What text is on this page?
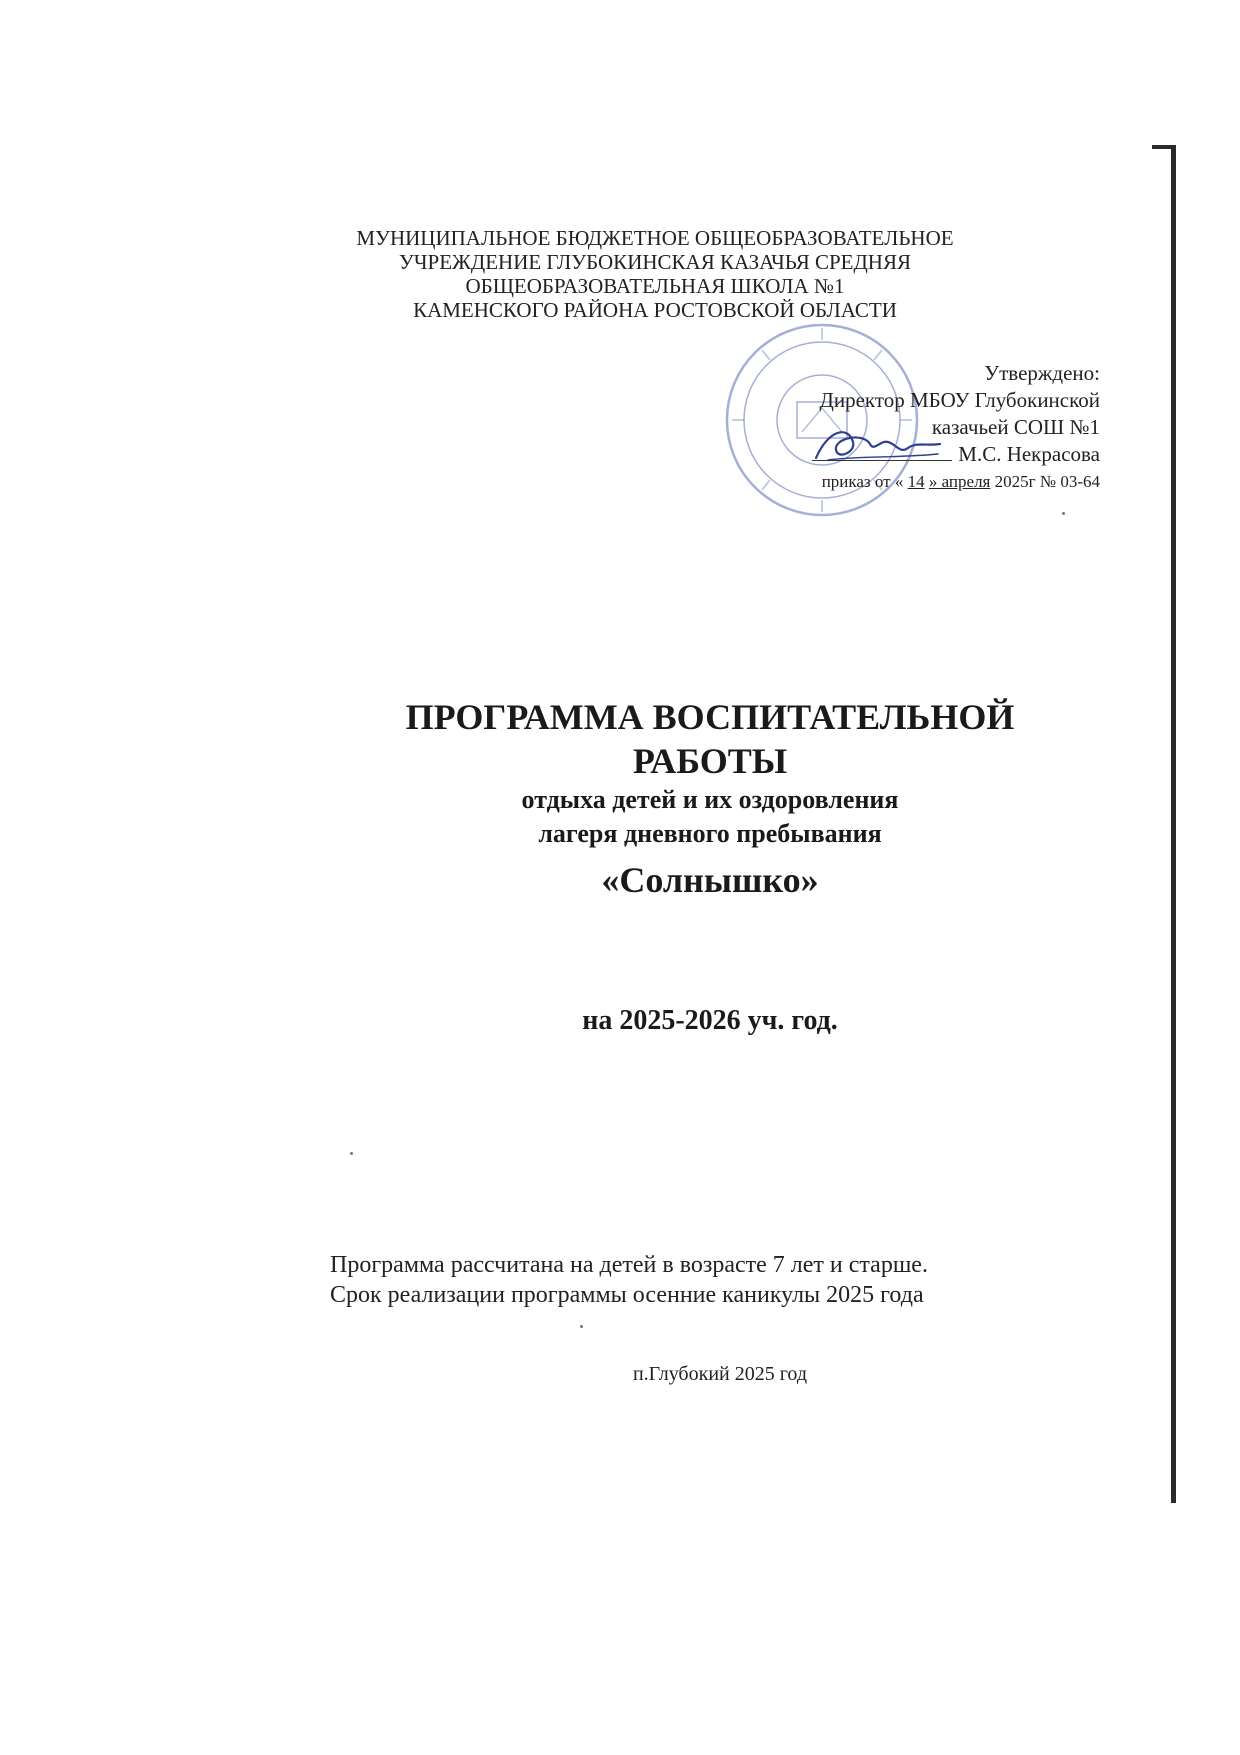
МУНИЦИПАЛЬНОЕ БЮДЖЕТНОЕ ОБЩЕОБРАЗОВАТЕЛЬНОЕ
УЧРЕЖДЕНИЕ ГЛУБОКИНСКАЯ КАЗАЧЬЯ СРЕДНЯЯ
ОБЩЕОБРАЗОВАТЕЛЬНАЯ ШКОЛА №1
КАМЕНСКОГО РАЙОНА РОСТОВСКОЙ ОБЛАСТИ
Утверждено:
Директор МБОУ Глубокинской
казачьей СОШ №1
М.С. Некрасова
приказ от « 14 » апреля 2025г № 03-64
ПРОГРАММА ВОСПИТАТЕЛЬНОЙ
РАБОТЫ
отдыха детей и их оздоровления
лагеря дневного пребывания
«Солнышко»
на 2025-2026 уч. год.
Программа рассчитана на детей в возрасте 7 лет и старше.
Срок реализации программы осенние каникулы 2025 года
п.Глубокий 2025 год
